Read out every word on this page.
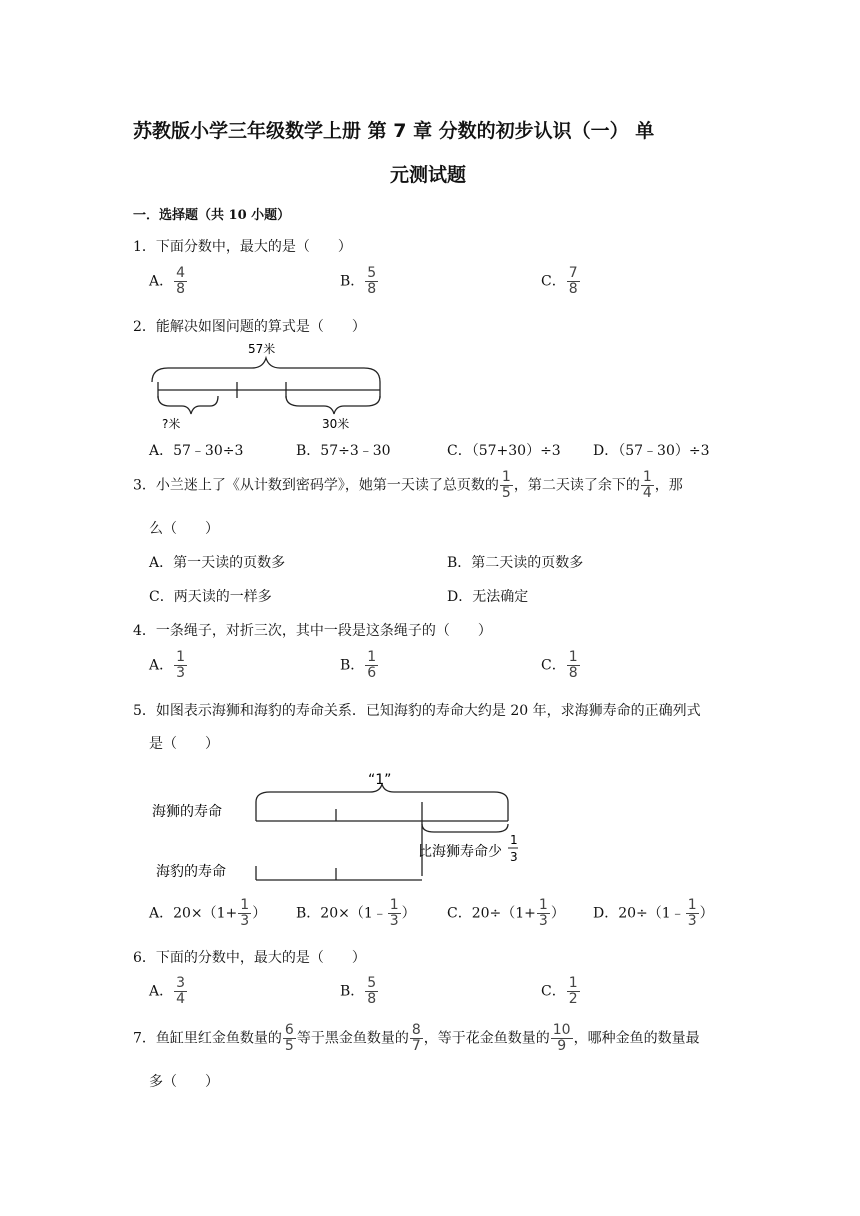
苏教版小学三年级数学上册 第 7 章 分数的初步认识（一） 单
元测试题
一．选择题（共 10 小题）
1．下面分数中，最大的是（　　）
A． $\frac{4}{8}$	B． $\frac{5}{8}$	C． $\frac{7}{8}$
2．能解决如图问题的算式是（　　）
57米
?米	30米
A．57﹣30÷3	B．57÷3﹣30	C．（57+30）÷3 D．（57﹣30）÷3
3．小兰迷上了《从计数到密码学》，她第一天读了总页数的 $\frac{1}{5}$ ，第二天读了余下的 $\frac{1}{4}$ ，那
么（　　）
A．第一天读的页数多	B．第二天读的页数多
C．两天读的一样多	D．无法确定
4．一条绳子，对折三次，其中一段是这条绳子的（　　）
A． $\frac{1}{3}$	B． $\frac{1}{6}$	C． $\frac{1}{8}$
5．如图表示海狮和海豹的寿命关系．已知海豹的寿命大约是 20 年，求海狮寿命的正确列式
是（　　）
“1”
海狮的寿命
比海狮寿命少
1
3
海豹的寿命
A．$20\times(1+ \frac{1}{3}$ ） B．20×（1﹣ $\frac{1}{3}$ ） C．$20\div(1+ \frac{1}{3}$ ） D．20÷（1﹣ $\frac{1}{3}$ ）
6．下面的分数中，最大的是（　　）
A． $\frac{3}{4}$	B． $\frac{5}{8}$	C． $\frac{1}{2}$
7．鱼缸里红金鱼数量的 $\frac{6}{5}$ 等于黑金鱼数量的 $\frac{8}{7}$ ，等于花金鱼数量的 $\frac{10}{9}$ ，哪种金鱼的数量最
多（　　）
